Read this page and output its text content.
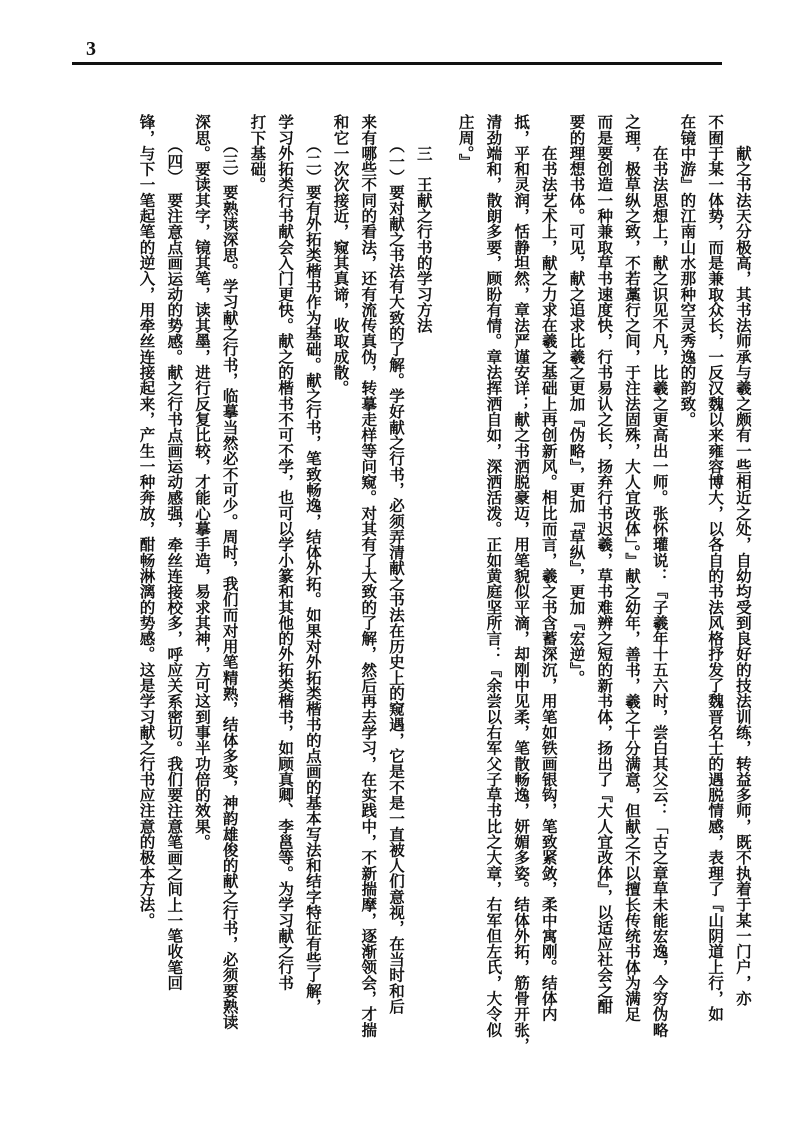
3
　　献之书法天分极高，其书法师承与羲之颇有一些相近之处，自幼均受到良好的技法训练，转益多师，既不执着于某一门户，亦
不囿于某一体势，而是兼取众长，一反汉魏以来雍容博大，以各自的书法风格抒发了魏晋名士的遇脱情感，表理了『山阴道上行，如
在镜中游』的江南山水那种空灵秀逸的韵致。
　　在书法思想上，献之识见不凡，比羲之更高出一师。张怀瓘说：『子羲年十五六时，尝白其父云：「古之章草未能宏逸，今穷伪略
之理，极草纵之致，不若藁行之间，于注法固殊，大人宜改体」。』献之幼年，善书，羲之十分满意，但献之不以擅长传统书体为满足
而是要创造一种兼取草书速度快，行书易认之长，扬弃行书迟羲，草书难辨之短的新书体，扬出了『大人宜改体』，以适应社会之酣
要的理想书体。可见，献之追求比羲之更加『伪略』，更加『草纵』，更加『宏逆』。
　　在书法艺术上，献之力求在羲之基础上再创新风。相比而言，羲之书含蓄深沉，用笔如铁画银钩，笔致紧敛，柔中寓刚。结体内
抵，平和灵润，恬静坦然，章法严谨安详；献之书洒脱豪迈，用笔貌似平滴，却刚中见柔，笔散畅逸，妍媚多姿。结体外拓，筋骨开张，
清劲端和，散朗多要，顾盼有情。章法挥洒自如，深洒活泼。正如黄庭坚所言：『余尝以右军父子草书比之大章，右军但左氏，大令似
庄周。』
　　三　王献之行书的学习方法
　　（一）要对献之书法有大致的了解。学好献之行书，必须弄清献之书法在历史上的窥遇，它是不是一直被人们意视，在当时和后
来有哪些不同的看法，还有流传真伪，转摹走样等问窥。对其有了大致的了解，然后再去学习，在实践中，不新揣摩，逐渐领会，才揣
和它一次次接近，窥其真谛，收取成散。
　　（二）要有外拓类楷书作为基础。献之行书，笔致畅逸，结体外拓。如果对外拓类楷书的点画的基本写法和结字特征有些了解，
学习外拓类行书献会入门更快。献之的楷书不可不学，也可以学小篆和其他的外拓类楷书，如顾真卿、李邕等。为学习献之行书
打下基础。
　　（三）要熟读深思。学习献之行书，临摹当然必不可少。周时，我们而对用笔精熟，结体多变，神韵雄俊的献之行书，必须要熟读
深思。要读其字，镜其笔，读其墨，进行反复比较，才能心摹手造，易求其神，方可这到事半功倍的效果。
　　（四）　要注意点画运动的势感。献之行书点画运动感强，牵丝连接校多，呼应关系密切。我们要注意笔画之间上一笔收笔回
锋，与下一笔起笔的逆入，用牵丝连接起来，产生一种奔放，酣畅淋漓的势感。这是学习献之行书应注意的极本方法。
